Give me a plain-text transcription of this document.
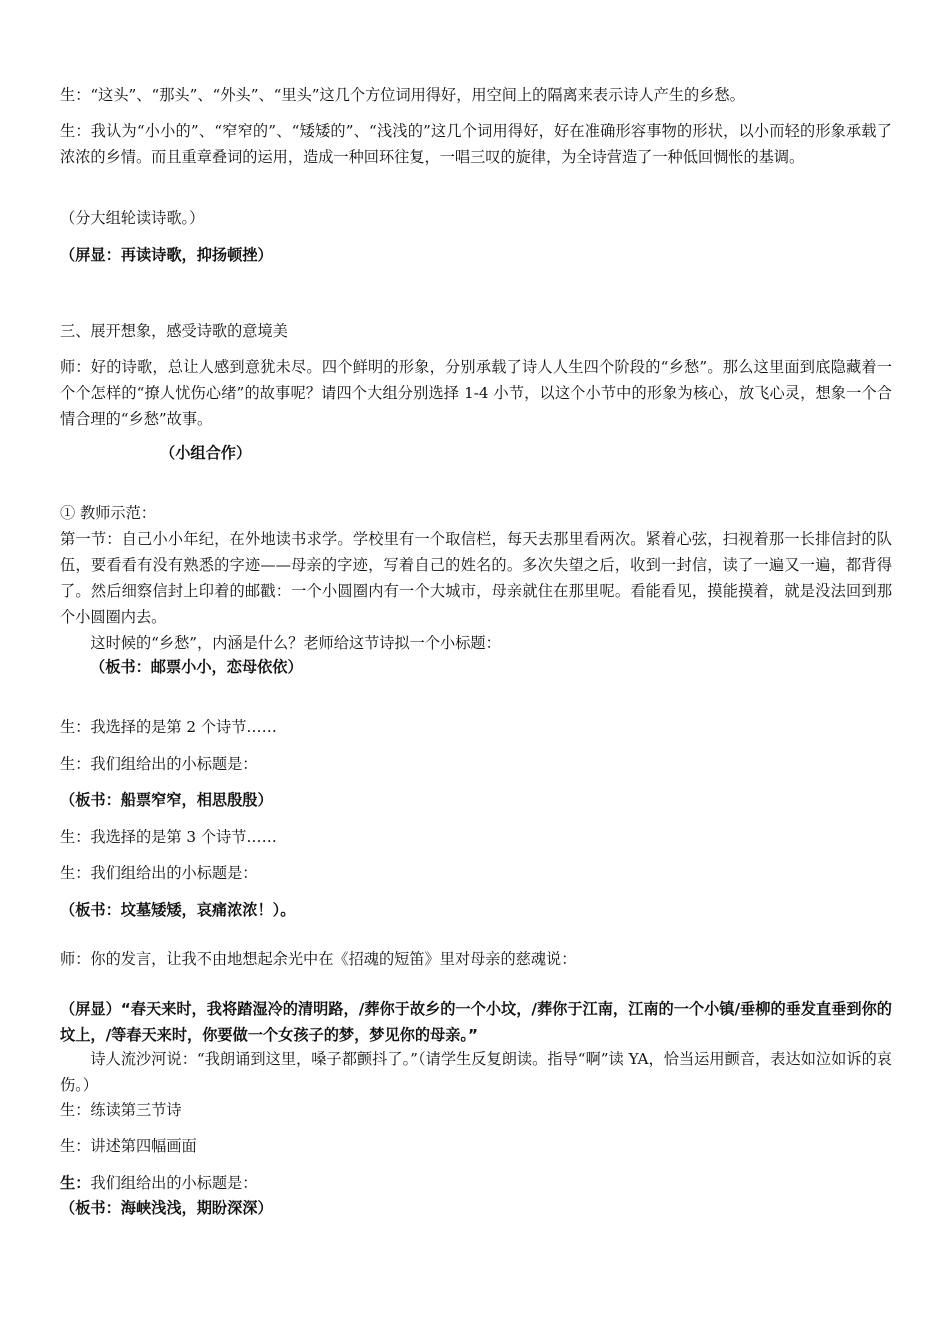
生：“这头”、“那头”、“外头”、“里头”这几个方位词用得好，用空间上的隔离来表示诗人产生的乡愁。

生：我认为“小小的”、“窄窄的”、“矮矮的”、“浅浅的”这几个词用得好，好在准确形容事物的形状，以小而轻的形象承载了浓浓的乡情。而且重章叠词的运用，造成一种回环往复，一唱三叹的旋律，为全诗营造了一种低回惆怅的基调。

（分大组轮读诗歌。）

（屏显：再读诗歌，抑扬顿挫）

三、展开想象，感受诗歌的意境美

师：好的诗歌，总让人感到意犹未尽。四个鲜明的形象，分别承载了诗人人生四个阶段的“乡愁”。那么这里面到底隐藏着一个个怎样的“撩人忧伤心绪”的故事呢？请四个大组分别选择 1-4 小节，以这个小节中的形象为核心，放飞心灵，想象一个合情合理的“乡愁”故事。

（小组合作）

① 教师示范：

第一节：自己小小年纪，在外地读书求学。学校里有一个取信栏，每天去那里看两次。紧着心弦，扫视着那一长排信封的队伍，要看看有没有熟悉的字迹——母亲的字迹，写着自己的姓名的。多次失望之后，收到一封信，读了一遍又一遍，都背得了。然后细察信封上印着的邮戳：一个小圆圈内有一个大城市，母亲就住在那里呢。看能看见，摸能摸着，就是没法回到那个小圆圈内去。

这时候的“乡愁”，内涵是什么？老师给这节诗拟一个小标题：

（板书：邮票小小，恋母依依）

生：我选择的是第 2 个诗节……

生：我们组给出的小标题是：

（板书：船票窄窄，相思殷殷）

生：我选择的是第 3 个诗节……

生：我们组给出的小标题是：

（板书：坟墓矮矮，哀痛浓浓！）。

师：你的发言，让我不由地想起余光中在《招魂的短笛》里对母亲的慈魂说：

（屏显）“春天来时，我将踏湿冷的清明路，/葬你于故乡的一个小坟，/葬你于江南，江南的一个小镇/垂柳的垂发直垂到你的坟上，/等春天来时，你要做一个女孩子的梦，梦见你的母亲。”

诗人流沙河说：“我朗诵到这里，嗓子都颤抖了。”（请学生反复朗读。指导“啊”读 YA，恰当运用颤音，表达如泣如诉的哀伤。）

生：练读第三节诗

生：讲述第四幅画面

生：我们组给出的小标题是：

（板书：海峡浅浅，期盼深深）
